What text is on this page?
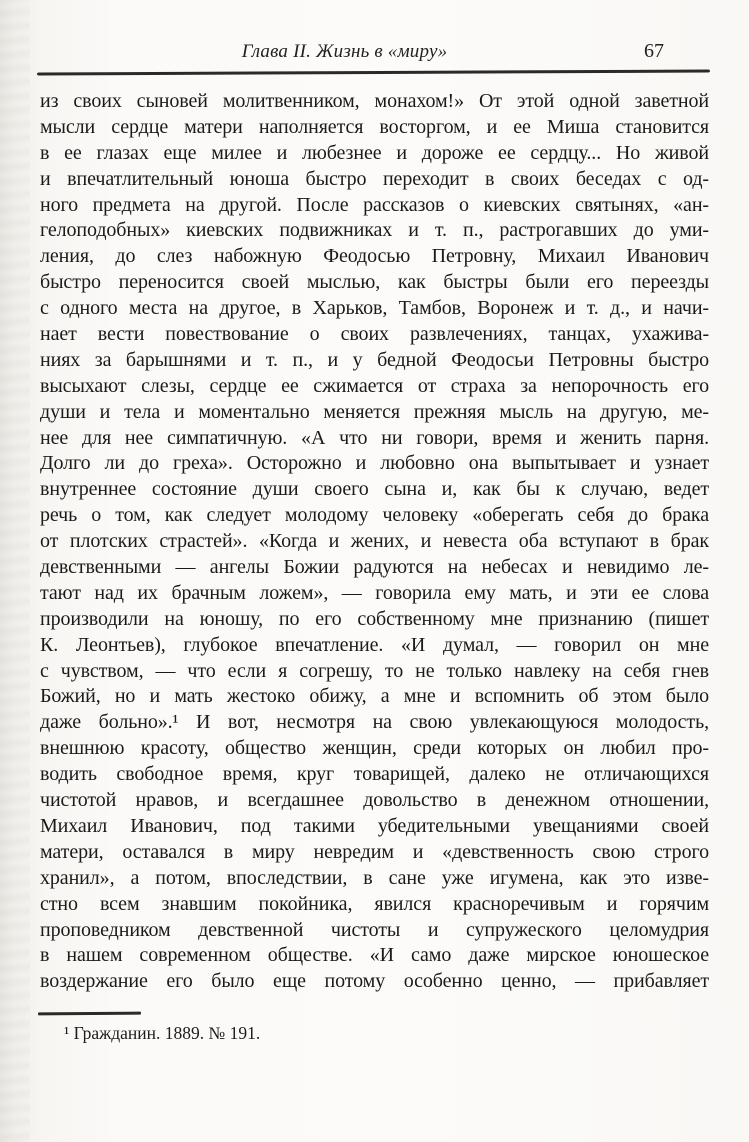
Глава II. Жизнь в «миру»	67
из своих сыновей молитвенником, монахом!» От этой одной заветной
мысли сердце матери наполняется восторгом, и ее Миша становится
в ее глазах еще милее и любезнее и дороже ее сердцу... Но живой
и впечатлительный юноша быстро переходит в своих беседах с од-
ного предмета на другой. После рассказов о киевских святынях, «ан-
гелоподобных» киевских подвижниках и т. п., растрогавших до уми-
ления, до слез набожную Феодосью Петровну, Михаил Иванович
быстро переносится своей мыслью, как быстры были его переезды
с одного места на другое, в Харьков, Тамбов, Воронеж и т. д., и начи-
нает вести повествование о своих развлечениях, танцах, ухажива-
ниях за барышнями и т. п., и у бедной Феодосьи Петровны быстро
высыхают слезы, сердце ее сжимается от страха за непорочность его
души и тела и моментально меняется прежняя мысль на другую, ме-
нее для нее симпатичную. «А что ни говори, время и женить парня.
Долго ли до греха». Осторожно и любовно она выпытывает и узнает
внутреннее состояние души своего сына и, как бы к случаю, ведет
речь о том, как следует молодому человеку «оберегать себя до брака
от плотских страстей». «Когда и жених, и невеста оба вступают в брак
девственными — ангелы Божии радуются на небесах и невидимо ле-
тают над их брачным ложем», — говорила ему мать, и эти ее слова
производили на юношу, по его собственному мне признанию (пишет
К. Леонтьев), глубокое впечатление. «И думал, — говорил он мне
с чувством, — что если я согрешу, то не только навлеку на себя гнев
Божий, но и мать жестоко обижу, а мне и вспомнить об этом было
даже больно».¹ И вот, несмотря на свою увлекающуюся молодость,
внешнюю красоту, общество женщин, среди которых он любил про-
водить свободное время, круг товарищей, далеко не отличающихся
чистотой нравов, и всегдашнее довольство в денежном отношении,
Михаил Иванович, под такими убедительными увещаниями своей
матери, оставался в миру невредим и «девственность свою строго
хранил», а потом, впоследствии, в сане уже игумена, как это изве-
стно всем знавшим покойника, явился красноречивым и горячим
проповедником девственной чистоты и супружеского целомудрия
в нашем современном обществе. «И само даже мирское юношеское
воздержание его было еще потому особенно ценно, — прибавляет
¹ Гражданин. 1889. № 191.
